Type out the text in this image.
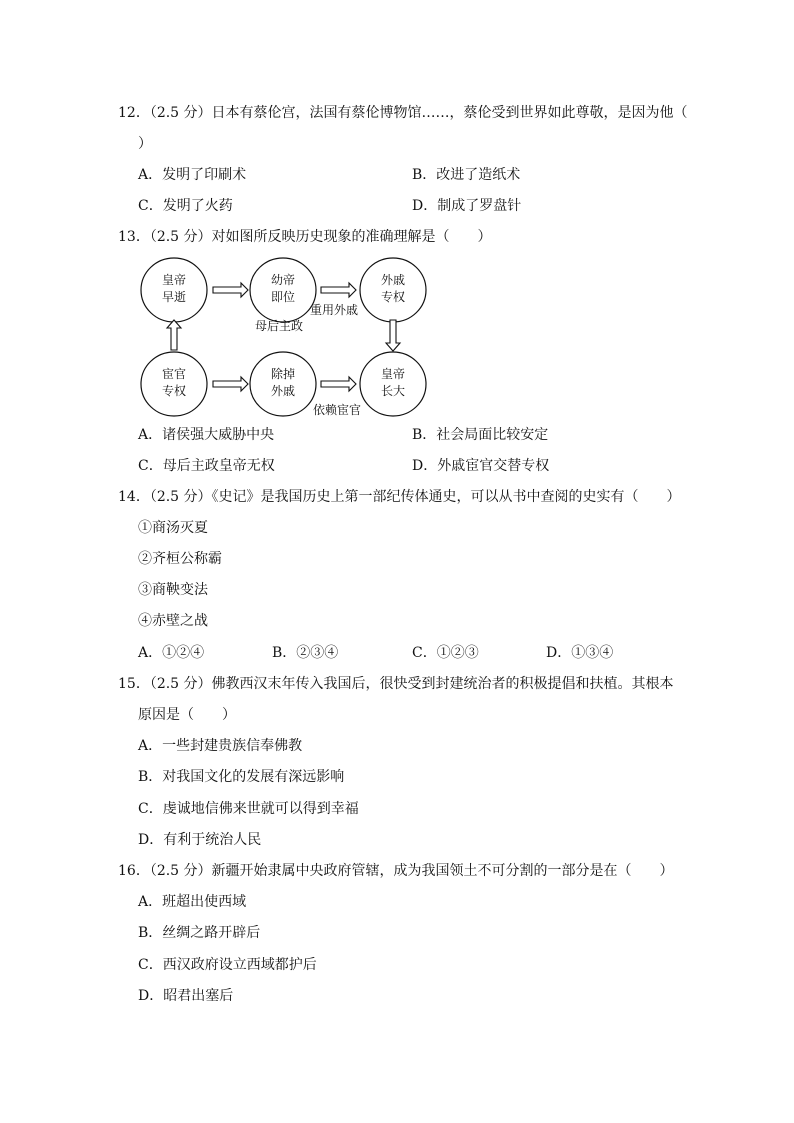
12．（2.5 分）日本有蔡伦宫，法国有蔡伦博物馆……，蔡伦受到世界如此尊敬，是因为他（
）
A．发明了印刷术	B．改进了造纸术
C．发明了火药	D．制成了罗盘针
13．（2.5 分）对如图所反映历史现象的准确理解是（　　）
皇帝
早逝
幼帝
即位
外戚
专权
宦官
专权
除掉
外戚
皇帝
长大
母后主政
重用外戚
依赖宦官
A．诸侯强大威胁中央	B．社会局面比较安定
C．母后主政皇帝无权	D．外戚宦官交替专权
14．（2.5 分）《史记》是我国历史上第一部纪传体通史，可以从书中查阅的史实有（　　）
①商汤灭夏
②齐桓公称霸
③商鞅变法
④赤壁之战
A．①②④	B．②③④	C．①②③	D．①③④
15．（2.5 分）佛教西汉末年传入我国后，很快受到封建统治者的积极提倡和扶植。其根本
原因是（　　）
A．一些封建贵族信奉佛教
B．对我国文化的发展有深远影响
C．虔诚地信佛来世就可以得到幸福
D．有利于统治人民
16．（2.5 分）新疆开始隶属中央政府管辖，成为我国领土不可分割的一部分是在（　　）
A．班超出使西域
B．丝绸之路开辟后
C．西汉政府设立西域都护后
D．昭君出塞后
